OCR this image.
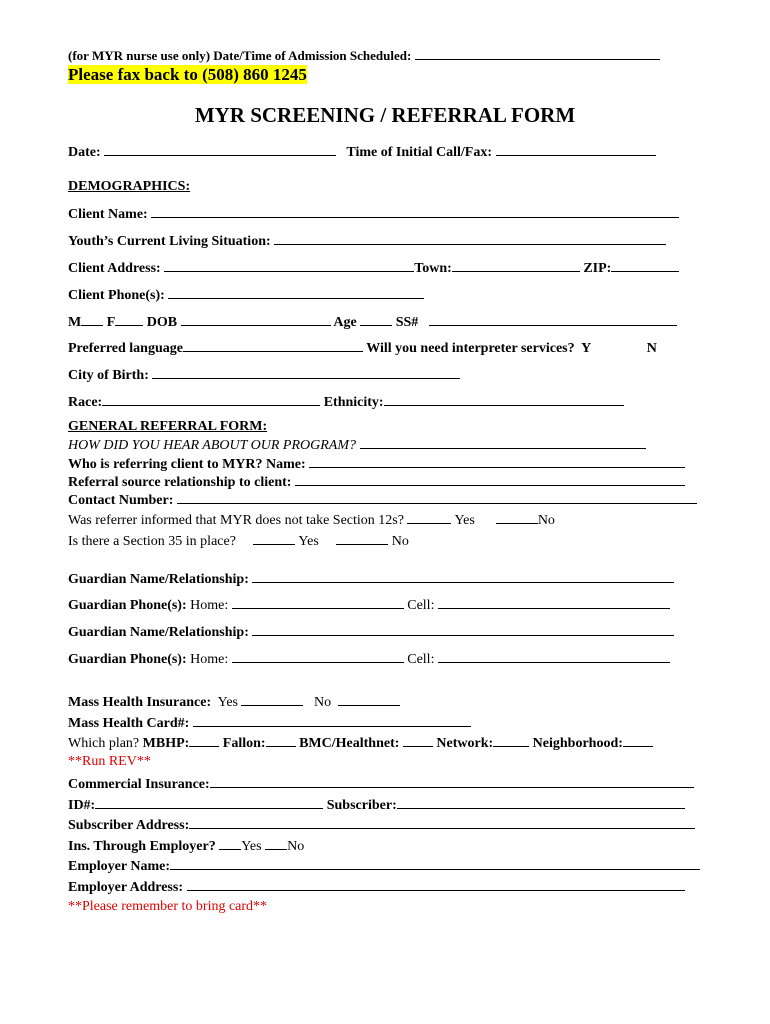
(for MYR nurse use only) Date/Time of Admission Scheduled:
Please fax back to (508) 860 1245
MYR SCREENING / REFERRAL FORM
Date:	Time of Initial Call/Fax:
DEMOGRAPHICS:
Client Name:
Youth’s Current Living Situation:
Client Address:	Town:	ZIP:
Client Phone(s):
M F DOB	Age	SS#
Preferred language	Will you need interpreter services? Y	N
City of Birth:
Race:	Ethnicity:
GENERAL REFERRAL FORM:
HOW DID YOU HEAR ABOUT OUR PROGRAM?
Who is referring client to MYR? Name:
Referral source relationship to client:
Contact Number:
Was referrer informed that MYR does not take Section 12s?	Yes	No
Is there a Section 35 in place?	Yes	No
Guardian Name/Relationship:
Guardian Phone(s): Home:	Cell:
Guardian Name/Relationship:
Guardian Phone(s): Home:	Cell:
Mass Health Insurance: Yes	No
Mass Health Card#:
Which plan? MBHP: Fallon: BMC/Healthnet:	Network:	Neighborhood:
**Run REV**
Commercial Insurance:
ID#:	Subscriber:
Subscriber Address:
Ins. Through Employer? Yes No
Employer Name:
Employer Address:
**Please remember to bring card**
